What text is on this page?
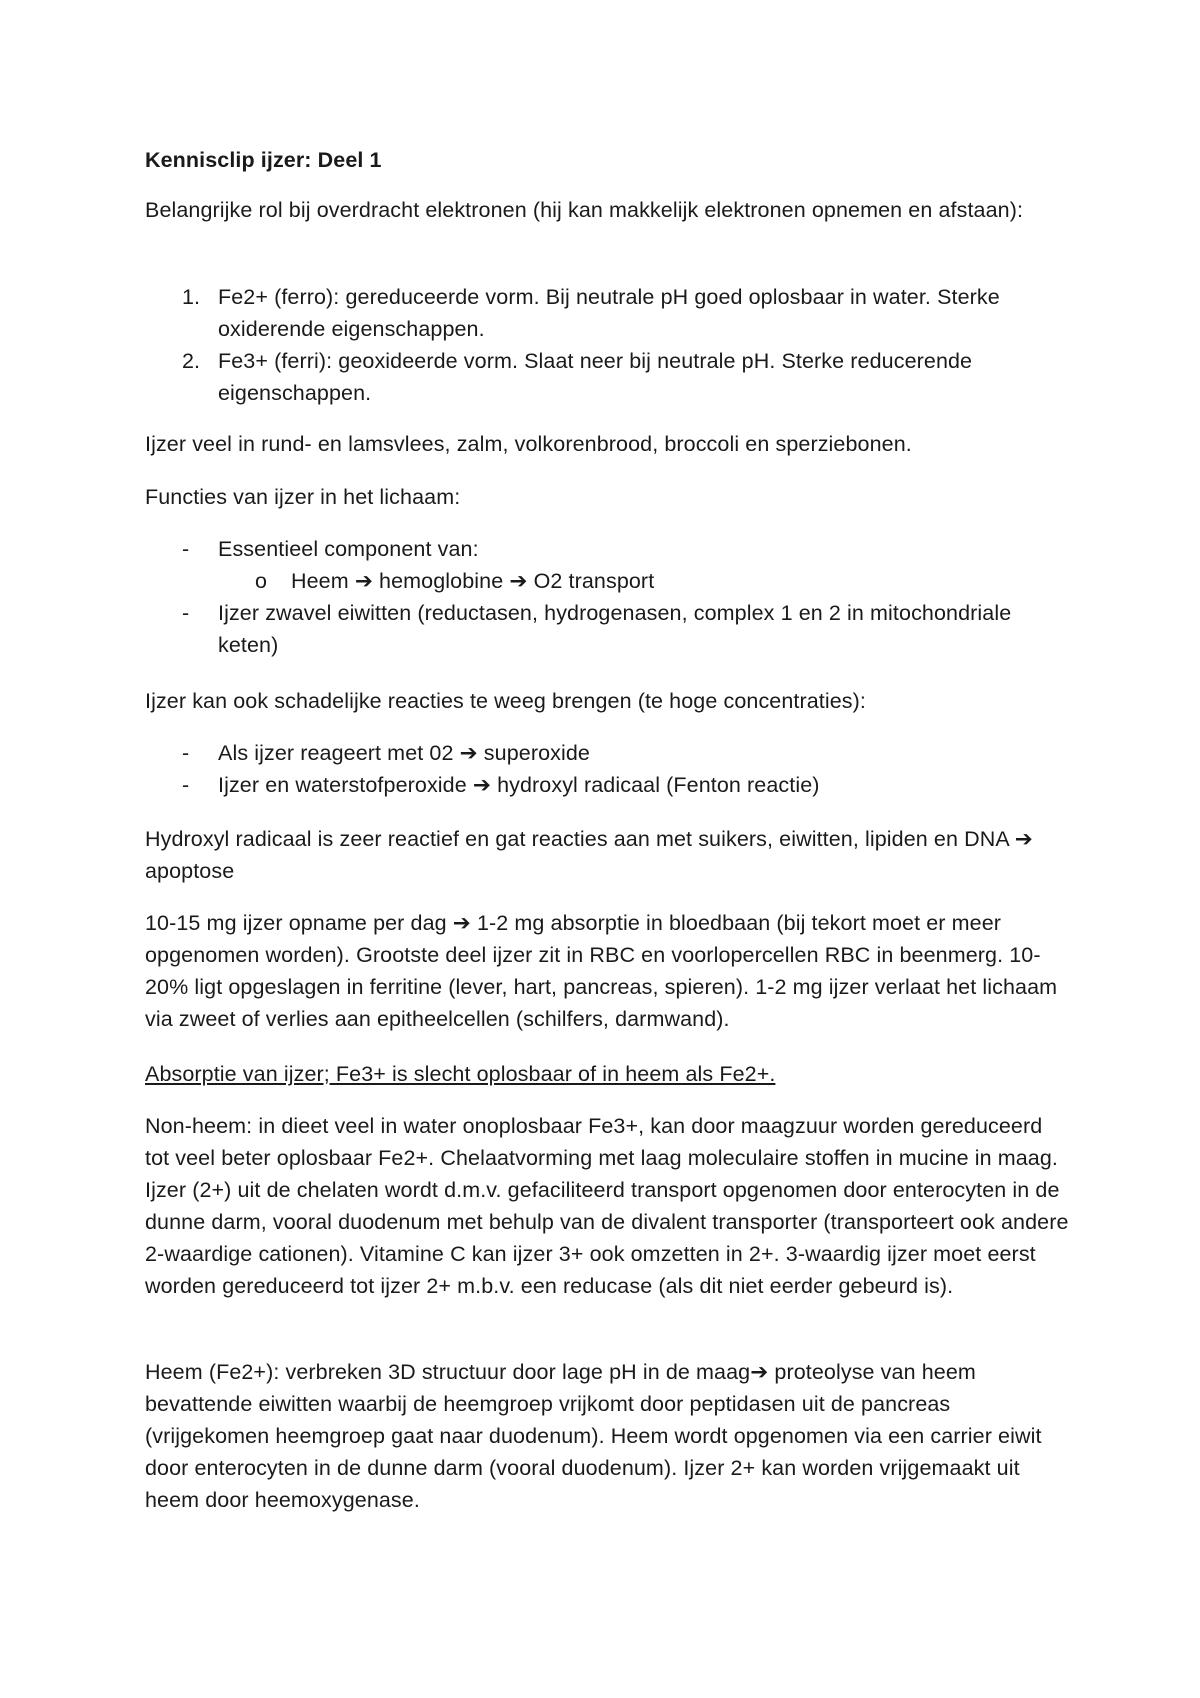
Kennisclip ijzer: Deel 1

Belangrijke rol bij overdracht elektronen (hij kan makkelijk elektronen opnemen en afstaan):

1. Fe2+ (ferro): gereduceerde vorm. Bij neutrale pH goed oplosbaar in water. Sterke oxiderende eigenschappen.

2. Fe3+ (ferri): geoxideerde vorm. Slaat neer bij neutrale pH. Sterke reducerende eigenschappen.

Ijzer veel in rund- en lamsvlees, zalm, volkorenbrood, broccoli en sperziebonen.

Functies van ijzer in het lichaam:

- Essentieel component van:

o Heem ➔ hemoglobine ➔ O2 transport

- Ijzer zwavel eiwitten (reductasen, hydrogenasen, complex 1 en 2 in mitochondriale keten)

Ijzer kan ook schadelijke reacties te weeg brengen (te hoge concentraties):

- Als ijzer reageert met 02 ➔ superoxide

- Ijzer en waterstofperoxide ➔ hydroxyl radicaal (Fenton reactie)

Hydroxyl radicaal is zeer reactief en gat reacties aan met suikers, eiwitten, lipiden en DNA ➔ apoptose

10-15 mg ijzer opname per dag ➔ 1-2 mg absorptie in bloedbaan (bij tekort moet er meer opgenomen worden). Grootste deel ijzer zit in RBC en voorlopercellen RBC in beenmerg. 10-20% ligt opgeslagen in ferritine (lever, hart, pancreas, spieren). 1-2 mg ijzer verlaat het lichaam via zweet of verlies aan epitheelcellen (schilfers, darmwand).

Absorptie van ijzer; Fe3+ is slecht oplosbaar of in heem als Fe2+.

Non-heem: in dieet veel in water onoplosbaar Fe3+, kan door maagzuur worden gereduceerd tot veel beter oplosbaar Fe2+. Chelaatvorming met laag moleculaire stoffen in mucine in maag. Ijzer (2+) uit de chelaten wordt d.m.v. gefaciliteerd transport opgenomen door enterocyten in de dunne darm, vooral duodenum met behulp van de divalent transporter (transporteert ook andere 2-waardige cationen). Vitamine C kan ijzer 3+ ook omzetten in 2+. 3-waardig ijzer moet eerst worden gereduceerd tot ijzer 2+ m.b.v. een reducase (als dit niet eerder gebeurd is).

Heem (Fe2+): verbreken 3D structuur door lage pH in de maag➔ proteolyse van heem bevattende eiwitten waarbij de heemgroep vrijkomt door peptidasen uit de pancreas (vrijgekomen heemgroep gaat naar duodenum). Heem wordt opgenomen via een carrier eiwit door enterocyten in de dunne darm (vooral duodenum). Ijzer 2+ kan worden vrijgemaakt uit heem door heemoxygenase.
